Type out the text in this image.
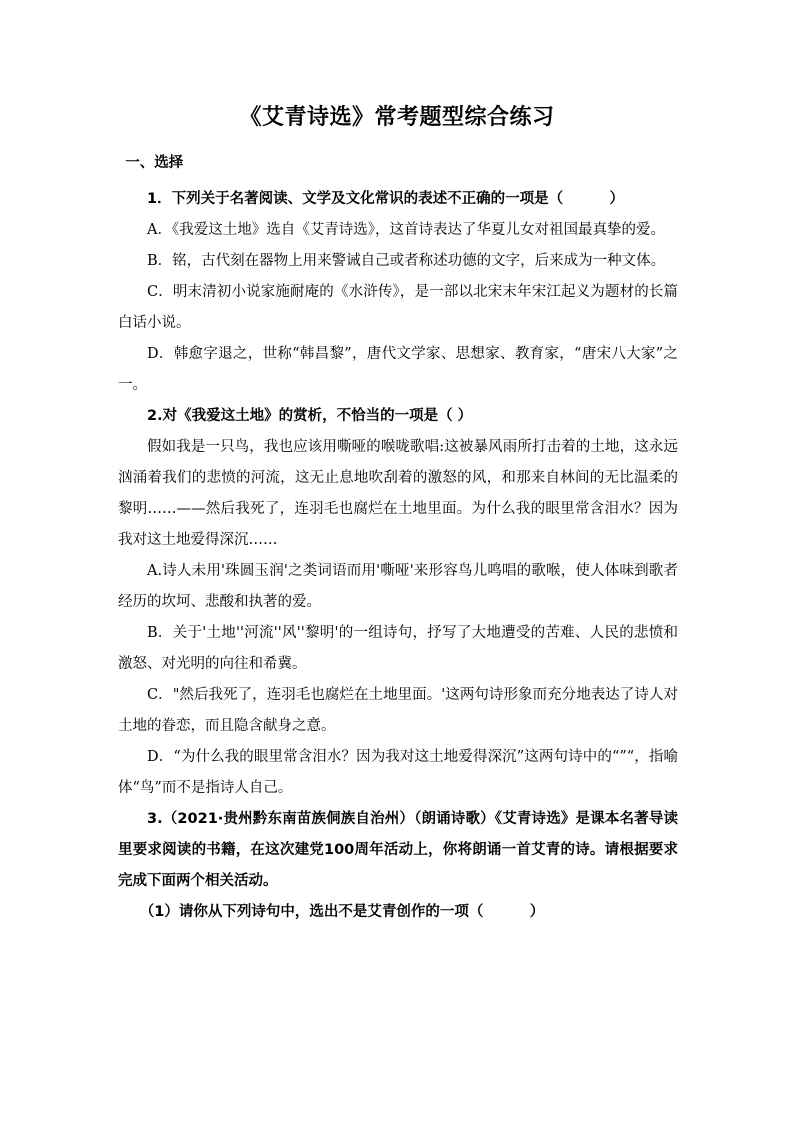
《艾青诗选》常考题型综合练习

一、选择

1．下列关于名著阅读、文学及文化常识的表述不正确的一项是（	）

A．《我爱这土地》选自《艾青诗选》，这首诗表达了华夏儿女对祖国最真挚的爱。

B．铭，古代刻在器物上用来警诫自己或者称述功德的文字，后来成为一种文体。

C．明末清初小说家施耐庵的《水浒传》，是一部以北宋末年宋江起义为题材的长篇白话小说。

D．韩愈字退之，世称“韩昌黎”，唐代文学家、思想家、教育家，“唐宋八大家”之一。

2.对《我爱这土地》的赏析，不恰当的一项是（ ）

假如我是一只鸟，我也应该用嘶哑的喉咙歌唱:这被暴风雨所打击着的土地，这永远汹涌着我们的悲愤的河流，这无止息地吹刮着的激怒的风，和那来自林间的无比温柔的黎明……——然后我死了，连羽毛也腐烂在土地里面。为什么我的眼里常含泪水？因为我对这土地爱得深沉……

A.诗人未用'珠圆玉润'之类词语而用'嘶哑'来形容鸟儿鸣唱的歌喉，使人体味到歌者经历的坎坷、悲酸和执著的爱。

B．关于'土地''河流''风''黎明'的一组诗句，抒写了大地遭受的苦难、人民的悲愤和激怒、对光明的向往和希冀。

C．"然后我死了，连羽毛也腐烂在土地里面。'这两句诗形象而充分地表达了诗人对土地的眷恋，而且隐含献身之意。

D．“为什么我的眼里常含泪水？因为我对这土地爱得深沉”这两句诗中的“”“，指喻体“鸟”而不是指诗人自己。

3.（2021·贵州黔东南苗族侗族自治州）（朗诵诗歌）《艾青诗选》是课本名著导读里要求阅读的书籍，在这次建党100周年活动上，你将朗诵一首艾青的诗。请根据要求完成下面两个相关活动。

（1）请你从下列诗句中，选出不是艾青创作的一项（	）
